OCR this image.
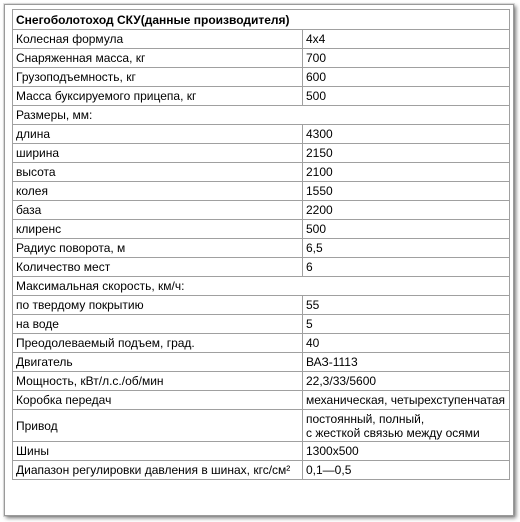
Снегоболотоход СКУ(данные производителя)	
Колесная формула	4x4
Снаряженная масса, кг	700
Грузоподъемность, кг	600
Масса буксируемого прицепа, кг	500
Размеры, мм:	
длина	4300
ширина	2150
высота	2100
колея	1550
база	2200
клиренс	500
Радиус поворота, м	6,5
Количество мест	6
Максимальная скорость, км/ч:	
по твердому покрытию	55
на воде	5
Преодолеваемый подъем, град.	40
Двигатель	ВАЗ-1113
Мощность, кВт/л.с./об/мин	22,3/33/5600
Коробка передач	механическая, четырехступенчатая
Привод	постоянный, полный,
с жесткой связью между осями

Шины	1300х500
Диапазон регулировки давления в шинах, кгс/см²	0,1—0,5
